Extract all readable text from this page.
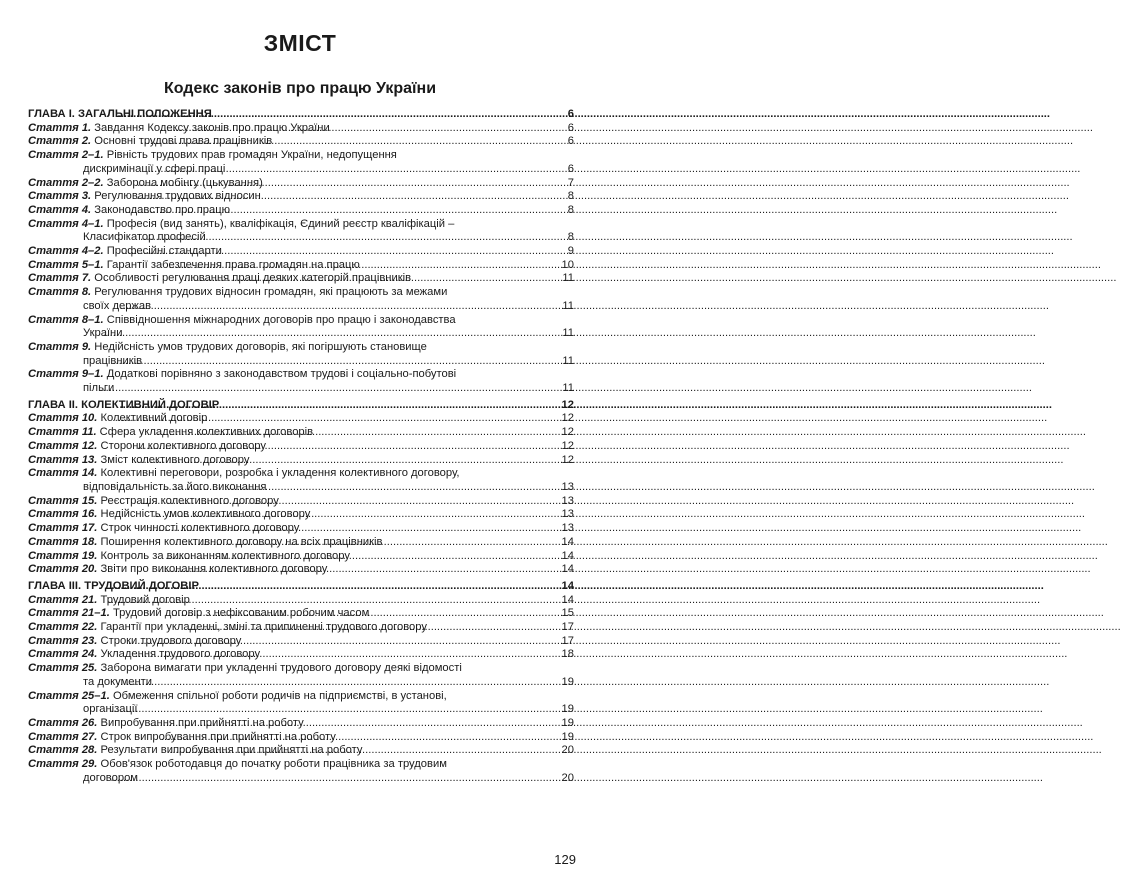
ЗМІСТ
Кодекс законів про працю України
ГЛАВА І. ЗАГАЛЬНІ ПОЛОЖЕННЯ .....	6
Стаття 1. Завдання Кодексу законів про працю України .....	6
Стаття 2. Основні трудові права працівників .....	6
Стаття 2–1. Рівність трудових прав громадян України, недопущення
дискримінації у сфері праці .....	6
Стаття 2–2. Заборона мобінгу (цькування) .....	7
Стаття 3. Регулювання трудових відносин .....	8
Стаття 4. Законодавство про працю .....	8
Стаття 4–1. Професія (вид занять), кваліфікація, Єдиний реєстр кваліфікацій –
Класифікатор професій .....	8
Стаття 4–2. Професійні стандарти .....	9
Стаття 5–1. Гарантії забезпечення права громадян на працю .....	10
Стаття 7. Особливості регулювання праці деяких категорій працівників .....	11
Стаття 8. Регулювання трудових відносин громадян, які працюють за межами
своїх держав .....	11
Стаття 8–1. Співвідношення міжнародних договорів про працю і законодавства
України .....	11
Стаття 9. Недійсність умов трудових договорів, які погіршують становище
працівників .....	11
Стаття 9–1. Додаткові порівняно з законодавством трудові і соціально-побутові
пільги .....	11
ГЛАВА ІІ. КОЛЕКТИВНИЙ ДОГОВІР .....	12
Стаття 10. Колективний договір .....	12
Стаття 11. Сфера укладення колективних договорів .....	12
Стаття 12. Сторони колективного договору .....	12
Стаття 13. Зміст колективного договору .....	12
Стаття 14. Колективні переговори, розробка і укладення колективного договору,
відповідальність за його виконання .....	13
Стаття 15. Реєстрація колективного договору .....	13
Стаття 16. Недійсність умов колективного договору .....	13
Стаття 17. Строк чинності колективного договору .....	13
Стаття 18. Поширення колективного договору на всіх працівників .....	14
Стаття 19. Контроль за виконанням колективного договору .....	14
Стаття 20. Звіти про виконання колективного договору .....	14
ГЛАВА ІІІ. ТРУДОВИЙ ДОГОВІР .....	14
Стаття 21. Трудовий договір .....	14
Стаття 21–1. Трудовий договір з нефіксованим робочим часом .....	15
Стаття 22. Гарантії при укладенні, зміні та припиненні трудового договору .....	17
Стаття 23. Строки трудового договору .....	17
Стаття 24. Укладення трудового договору .....	18
Стаття 25. Заборона вимагати при укладенні трудового договору деякі відомості
та документи .....	19
Стаття 25–1. Обмеження спільної роботи родичів на підприємстві, в установі,
організації .....	19
Стаття 26. Випробування при прийнятті на роботу .....	19
Стаття 27. Строк випробування при прийнятті на роботу .....	19
Стаття 28. Результати випробування при прийнятті на роботу .....	20
Стаття 29. Обов'язок роботодавця до початку роботи працівника за трудовим
договором .....	20
129
